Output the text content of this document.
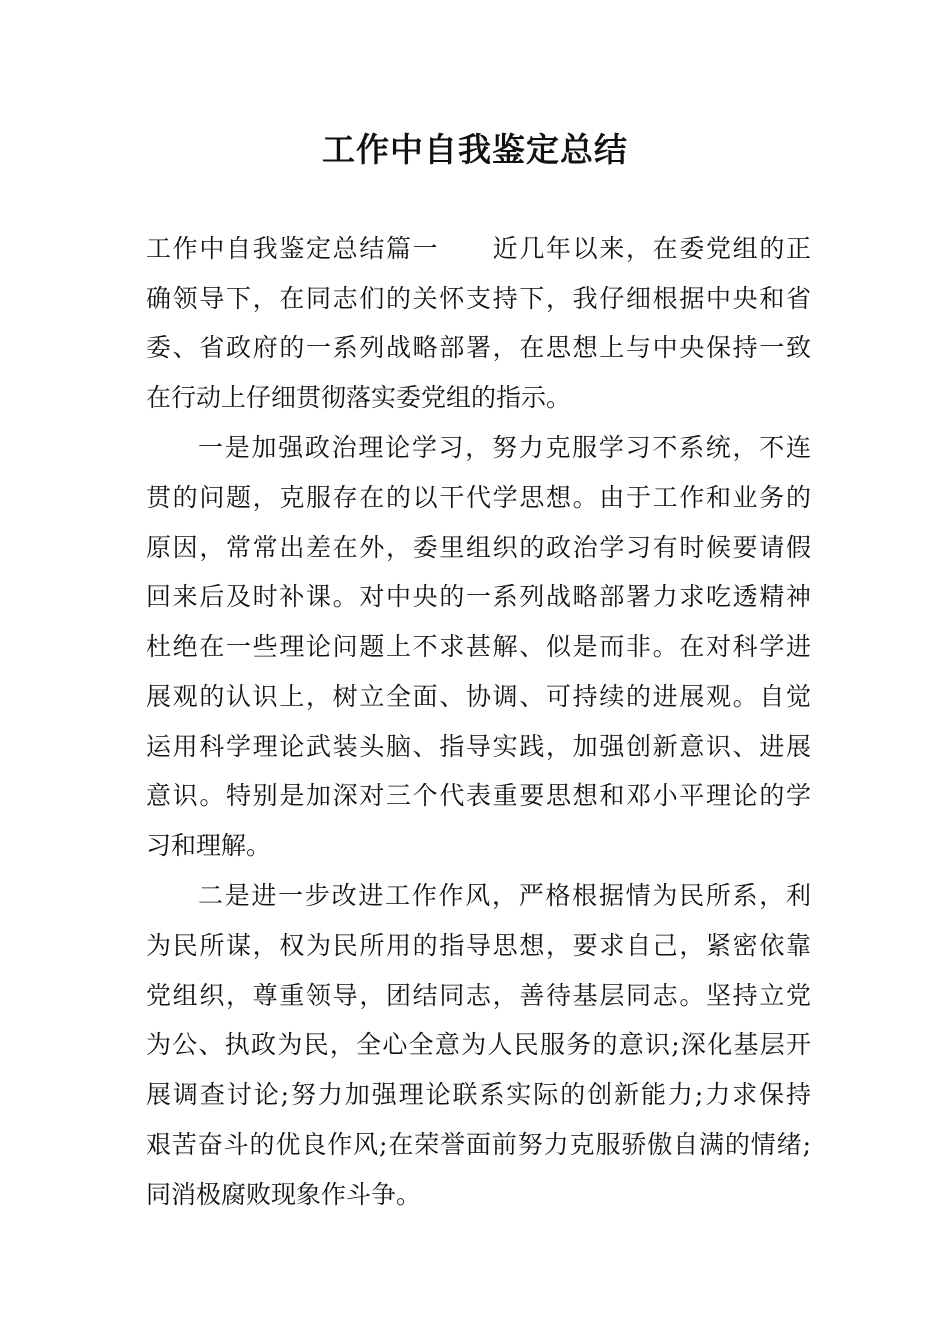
工作中自我鉴定总结
工作中自我鉴定总结篇一　　近几年以来，在委党组的正
确领导下，在同志们的关怀支持下，我仔细根据中央和省
委、省政府的一系列战略部署，在思想上与中央保持一致
在行动上仔细贯彻落实委党组的指示。
一是加强政治理论学习，努力克服学习不系统，不连
贯的问题，克服存在的以干代学思想。由于工作和业务的
原因，常常出差在外，委里组织的政治学习有时候要请假
回来后及时补课。对中央的一系列战略部署力求吃透精神
杜绝在一些理论问题上不求甚解、似是而非。在对科学进
展观的认识上，树立全面、协调、可持续的进展观。自觉
运用科学理论武装头脑、指导实践，加强创新意识、进展
意识。特别是加深对三个代表重要思想和邓小平理论的学
习和理解。
二是进一步改进工作作风，严格根据情为民所系，利
为民所谋，权为民所用的指导思想，要求自己，紧密依靠
党组织，尊重领导，团结同志，善待基层同志。坚持立党
为公、执政为民，全心全意为人民服务的意识;深化基层开
展调查讨论;努力加强理论联系实际的创新能力;力求保持
艰苦奋斗的优良作风;在荣誉面前努力克服骄傲自满的情绪;
同消极腐败现象作斗争。
